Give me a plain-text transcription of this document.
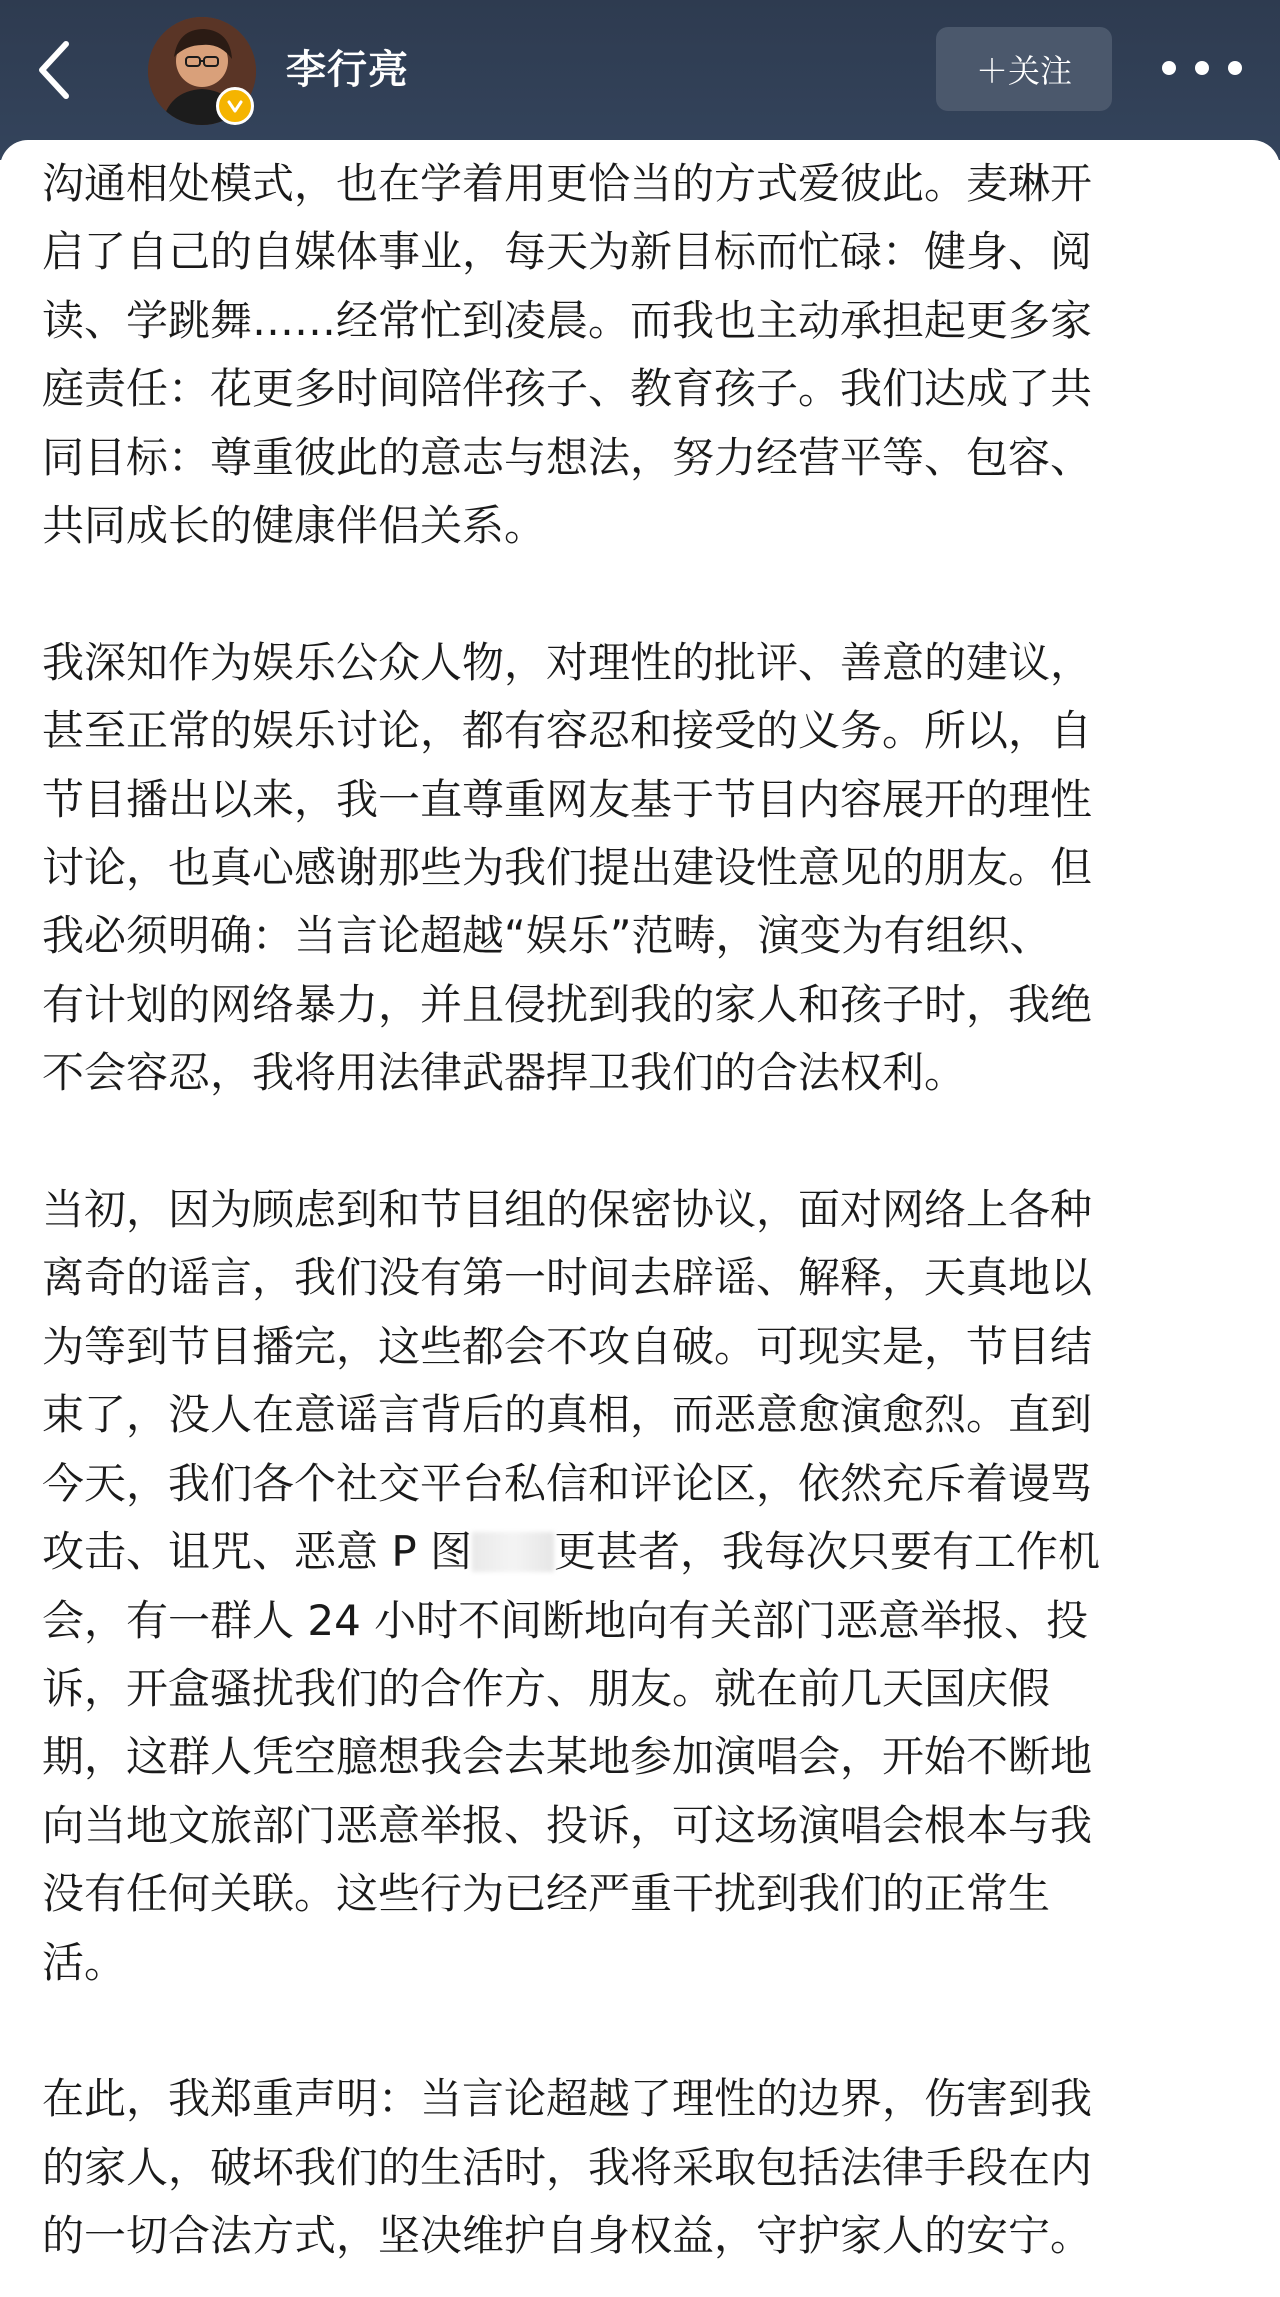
李行亮	＋关注

沟通相处模式，也在学着用更恰当的方式爱彼此。麦琳开
启了自己的自媒体事业，每天为新目标而忙碌：健身、阅
读、学跳舞……经常忙到凌晨。而我也主动承担起更多家
庭责任：花更多时间陪伴孩子、教育孩子。我们达成了共
同目标：尊重彼此的意志与想法，努力经营平等、包容、
共同成长的健康伴侣关系。

我深知作为娱乐公众人物，对理性的批评、善意的建议，
甚至正常的娱乐讨论，都有容忍和接受的义务。所以，自
节目播出以来，我一直尊重网友基于节目内容展开的理性
讨论，也真心感谢那些为我们提出建设性意见的朋友。但
我必须明确：当言论超越“娱乐”范畴，演变为有组织、
有计划的网络暴力，并且侵扰到我的家人和孩子时，我绝
不会容忍，我将用法律武器捍卫我们的合法权利。

当初，因为顾虑到和节目组的保密协议，面对网络上各种
离奇的谣言，我们没有第一时间去辟谣、解释，天真地以
为等到节目播完，这些都会不攻自破。可现实是，节目结
束了，没人在意谣言背后的真相，而恶意愈演愈烈。直到
今天，我们各个社交平台私信和评论区，依然充斥着谩骂
攻击、诅咒、恶意 P 图 更甚者，我每次只要有工作机
会，有一群人 24 小时不间断地向有关部门恶意举报、投
诉，开盒骚扰我们的合作方、朋友。就在前几天国庆假
期，这群人凭空臆想我会去某地参加演唱会，开始不断地
向当地文旅部门恶意举报、投诉，可这场演唱会根本与我
没有任何关联。这些行为已经严重干扰到我们的正常生
活。

在此，我郑重声明：当言论超越了理性的边界，伤害到我
的家人，破坏我们的生活时，我将采取包括法律手段在内
的一切合法方式，坚决维护自身权益，守护家人的安宁。
